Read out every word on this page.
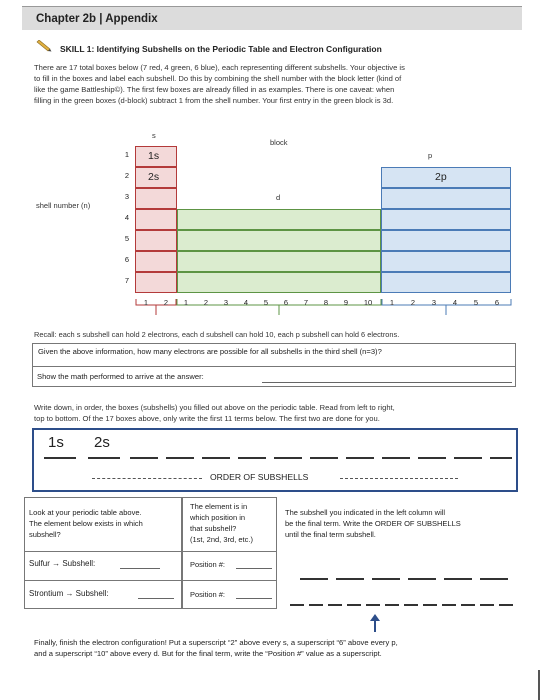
Chapter 2b | Appendix
SKILL 1: Identifying Subshells on the Periodic Table and Electron Configuration
There are 17 total boxes below (7 red, 4 green, 6 blue), each representing different subshells. Your objective is
to fill in the boxes and label each subshell. Do this by combining the shell number with the block letter (kind of
like the game Battleship©). The first few boxes are already filled in as examples. There is one caveat: when
filling in the green boxes (d-block) subtract 1 from the shell number. Your first entry in the green block is 3d.
s
block
d
p
shell number (n)
1
2
3
4
5
6
7
1s
2s	2p
1	2	1	2	3	4	5	6	7	8	9	10	1	2	3	4	5	6
Recall: each s subshell can hold 2 electrons, each d subshell can hold 10, each p subshell can hold 6 electrons.
Given the above information, how many electrons are possible for all subshells in the third shell (n=3)?
Show the math performed to arrive at the answer:
Write down, in order, the boxes (subshells) you filled out above on the periodic table. Read from left to right,
top to bottom. Of the 17 boxes above, only write the first 11 terms below. The first two are done for you.
1s 2s
ORDER OF SUBSHELLS
Look at your periodic table above.
The element below exists in which
subshell?
The element is in
which position in
that subshell?
(1st, 2nd, 3rd, etc.)
The subshell you indicated in the left column will
be the final term. Write the ORDER OF SUBSHELLS
until the final term subshell.
Sulfur → Subshell:	Position #:
Strontium → Subshell:	Position #:
Finally, finish the electron configuration! Put a superscript “2” above every s, a superscript “6” above every p,
and a superscript “10” above every d. But for the final term, write the “Position #” value as a superscript.
